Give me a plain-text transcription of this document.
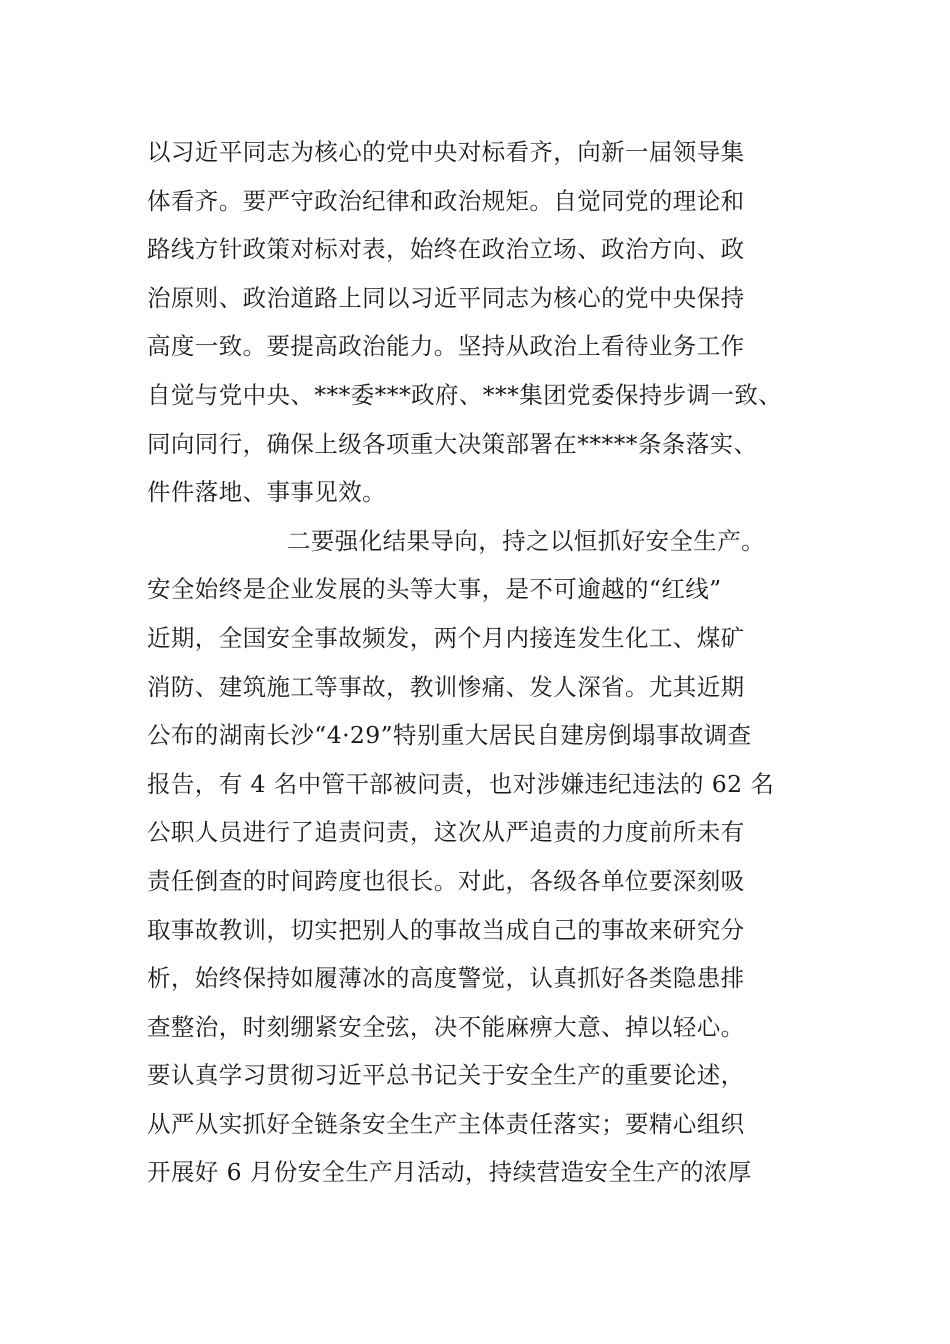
以习近平同志为核心的党中央对标看齐，向新一届领导集
体看齐。要严守政治纪律和政治规矩。自觉同党的理论和
路线方针政策对标对表，始终在政治立场、政治方向、政
治原则、政治道路上同以习近平同志为核心的党中央保持
高度一致。要提高政治能力。坚持从政治上看待业务工作
自觉与党中央、***委***政府、***集团党委保持步调一致、
同向同行，确保上级各项重大决策部署在*****条条落实、
件件落地、事事见效。
二要强化结果导向，持之以恒抓好安全生产。
安全始终是企业发展的头等大事，是不可逾越的“红线”
近期，全国安全事故频发，两个月内接连发生化工、煤矿
消防、建筑施工等事故，教训惨痛、发人深省。尤其近期
公布的湖南长沙“4·29”特别重大居民自建房倒塌事故调查
报告，有 4 名中管干部被问责，也对涉嫌违纪违法的 62 名
公职人员进行了追责问责，这次从严追责的力度前所未有
责任倒查的时间跨度也很长。对此，各级各单位要深刻吸
取事故教训，切实把别人的事故当成自己的事故来研究分
析，始终保持如履薄冰的高度警觉，认真抓好各类隐患排
查整治，时刻绷紧安全弦，决不能麻痹大意、掉以轻心。
要认真学习贯彻习近平总书记关于安全生产的重要论述，
从严从实抓好全链条安全生产主体责任落实；要精心组织
开展好 6 月份安全生产月活动，持续营造安全生产的浓厚
